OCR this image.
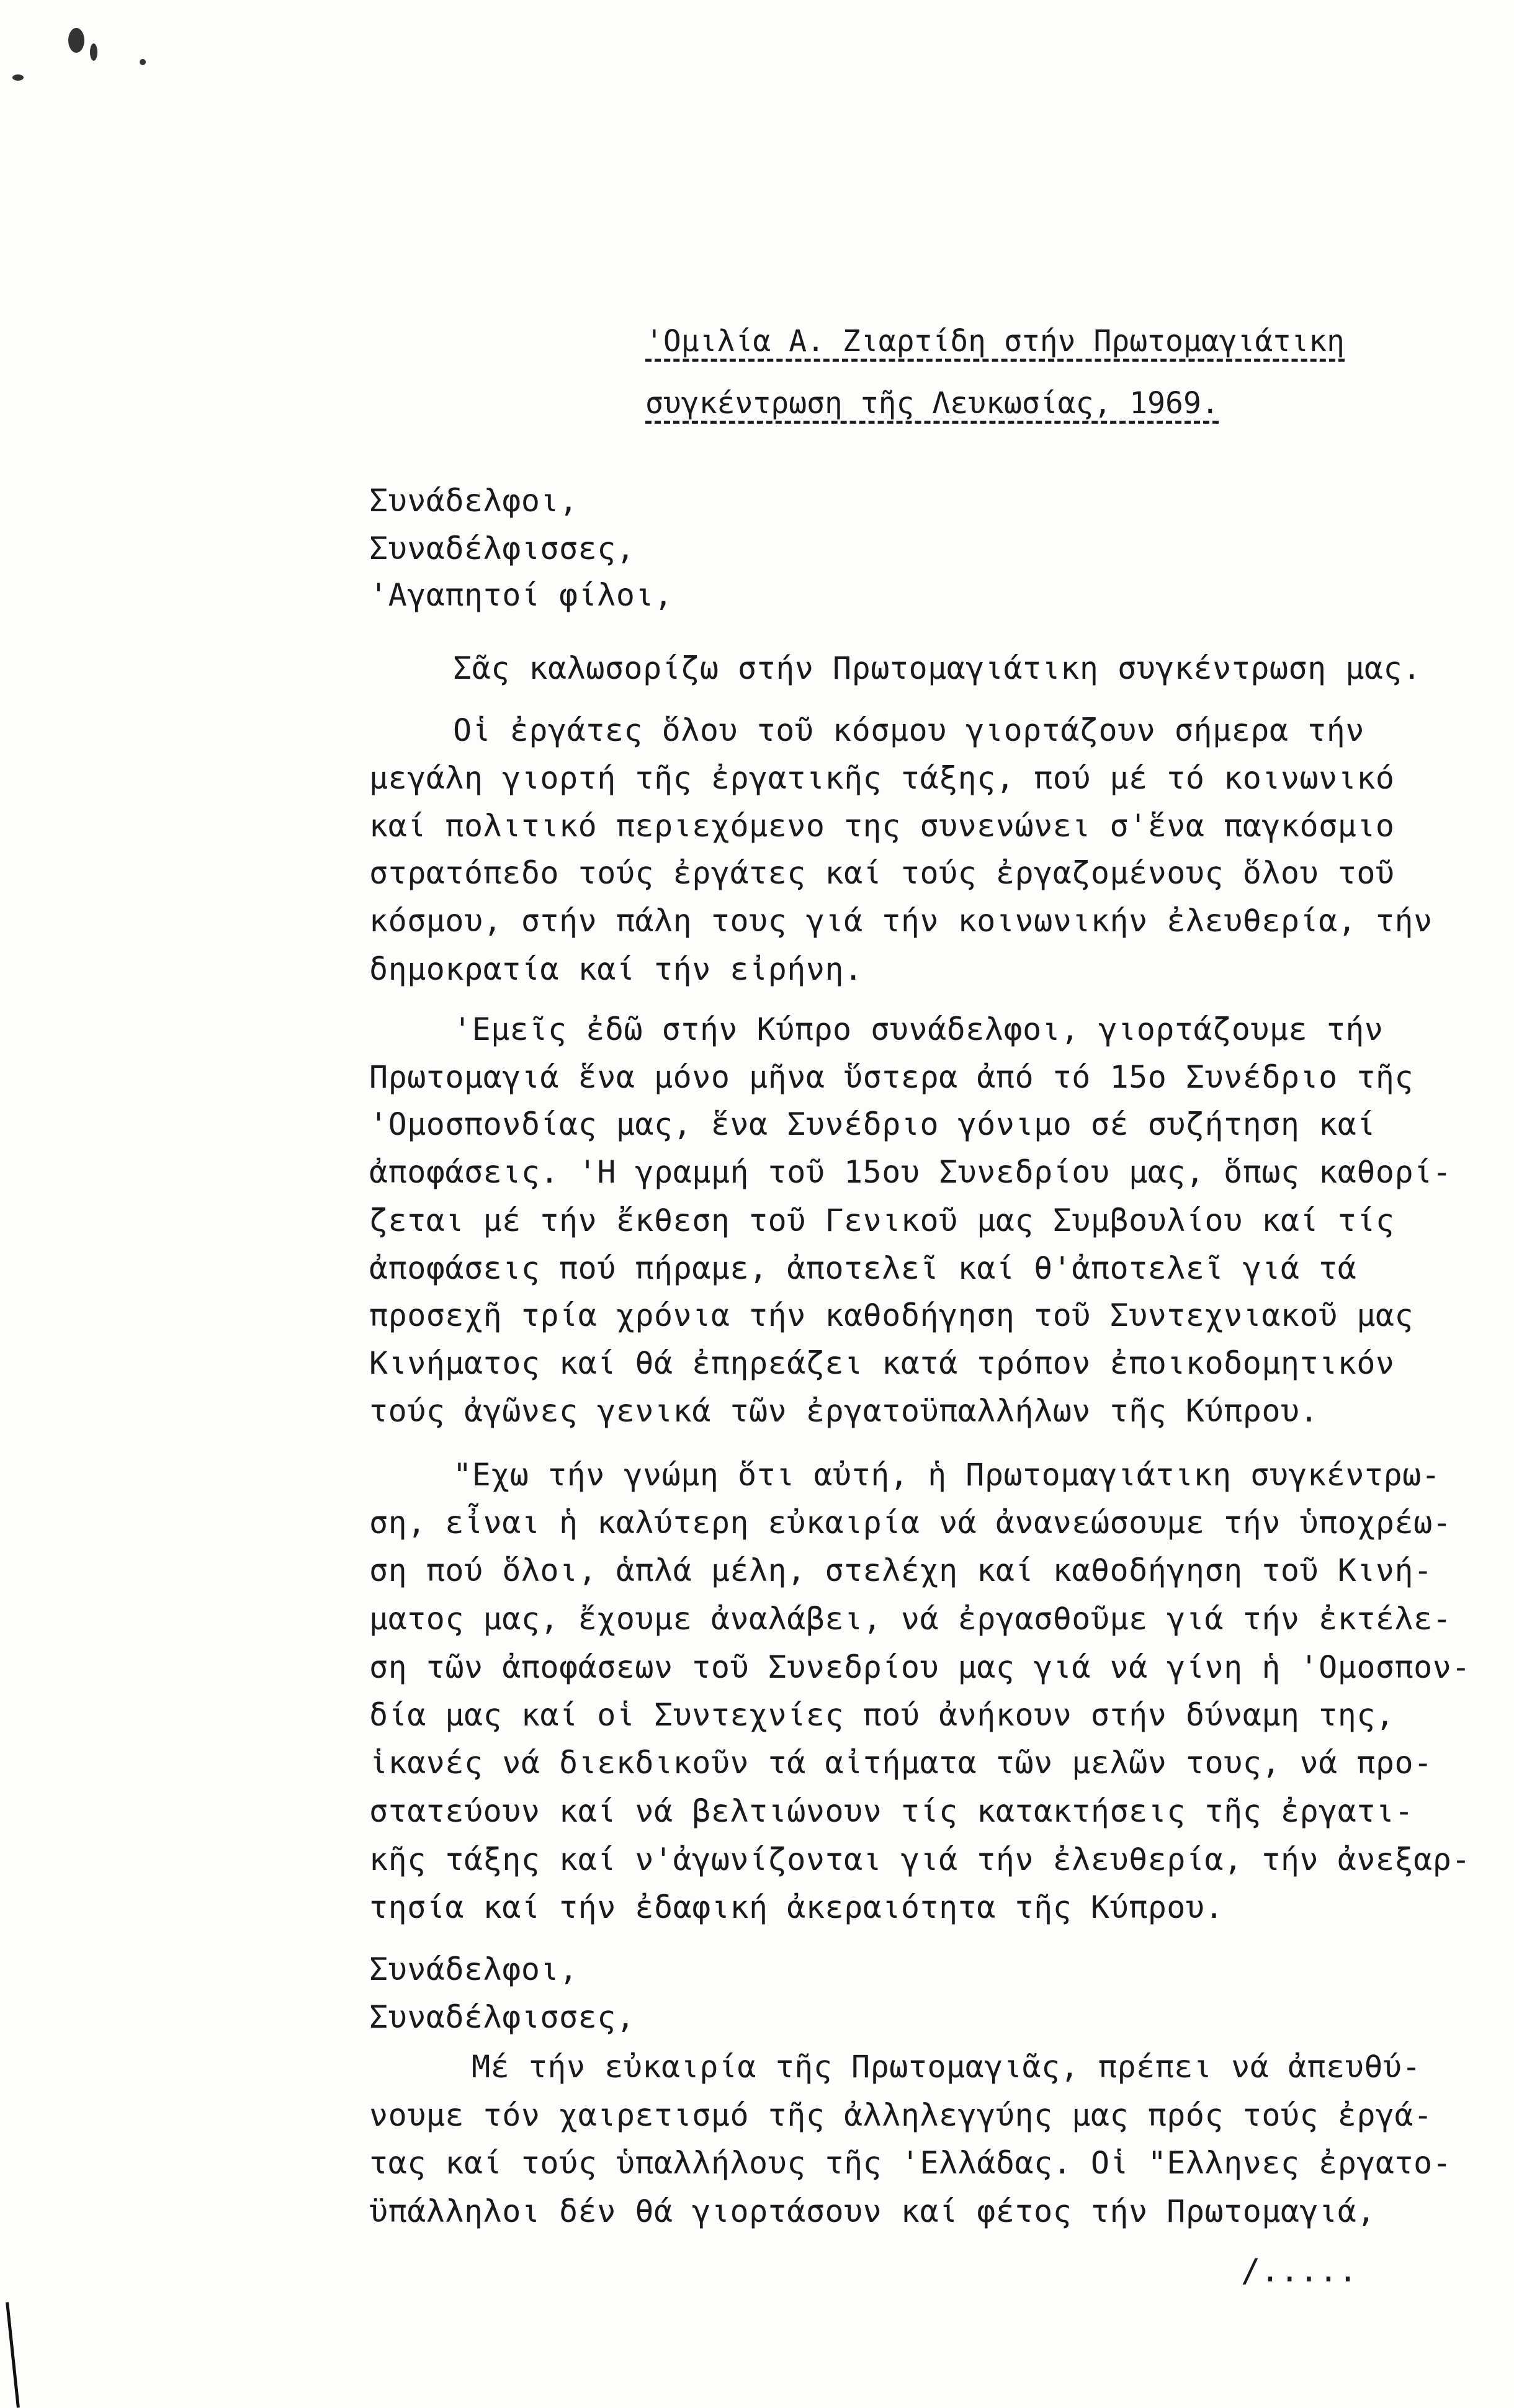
'Ομιλία Α. Ζιαρτίδη στήν Πρωτομαγιάτικη
συγκέντρωση τῆς Λευκωσίας, 1969.
Συνάδελφοι,
Συναδέλφισσες,
'Αγαπητοί φίλοι,
Σᾶς καλωσορίζω στήν Πρωτομαγιάτικη συγκέντρωση μας.
Οἱ ἐργάτες ὅλου τοῦ κόσμου γιορτάζουν σήμερα τήν
μεγάλη γιορτή τῆς ἐργατικῆς τάξης, πού μέ τό κοινωνικό
καί πολιτικό περιεχόμενο της συνενώνει σ'ἕνα παγκόσμιο
στρατόπεδο τούς ἐργάτες καί τούς ἐργαζομένους ὅλου τοῦ
κόσμου, στήν πάλη τους γιά τήν κοινωνικήν ἐλευθερία, τήν
δημοκρατία καί τήν εἰρήνη.
'Εμεῖς ἐδῶ στήν Κύπρο συνάδελφοι, γιορτάζουμε τήν
Πρωτομαγιά ἕνα μόνο μῆνα ὕστερα ἀπό τό 15ο Συνέδριο τῆς
'Ομοσπονδίας μας, ἕνα Συνέδριο γόνιμο σέ συζήτηση καί
ἀποφάσεις. 'Η γραμμή τοῦ 15ου Συνεδρίου μας, ὅπως καθορί-
ζεται μέ τήν ἔκθεση τοῦ Γενικοῦ μας Συμβουλίου καί τίς
ἀποφάσεις πού πήραμε, ἀποτελεῖ καί θ'ἀποτελεῖ γιά τά
προσεχῆ τρία χρόνια τήν καθοδήγηση τοῦ Συντεχνιακοῦ μας
Κινήματος καί θά ἐπηρεάζει κατά τρόπον ἐποικοδομητικόν
τούς ἀγῶνες γενικά τῶν ἐργατοϋπαλλήλων τῆς Κύπρου.
"Εχω τήν γνώμη ὅτι αὐτή, ἡ Πρωτομαγιάτικη συγκέντρω-
ση, εἶναι ἡ καλύτερη εὐκαιρία νά ἀνανεώσουμε τήν ὑποχρέω-
ση πού ὅλοι, ἁπλά μέλη, στελέχη καί καθοδήγηση τοῦ Κινή-
ματος μας, ἔχουμε ἀναλάβει, νά ἐργασθοῦμε γιά τήν ἐκτέλε-
ση τῶν ἀποφάσεων τοῦ Συνεδρίου μας γιά νά γίνη ἡ 'Ομοσπον-
δία μας καί οἱ Συντεχνίες πού ἀνήκουν στήν δύναμη της,
ἱκανές νά διεκδικοῦν τά αἰτήματα τῶν μελῶν τους, νά προ-
στατεύουν καί νά βελτιώνουν τίς κατακτήσεις τῆς ἐργατι-
κῆς τάξης καί ν'ἀγωνίζονται γιά τήν ἐλευθερία, τήν ἀνεξαρ-
τησία καί τήν ἐδαφική ἀκεραιότητα τῆς Κύπρου.
Συνάδελφοι,
Συναδέλφισσες,
Μέ τήν εὐκαιρία τῆς Πρωτομαγιᾶς, πρέπει νά ἀπευθύ-
νουμε τόν χαιρετισμό τῆς ἀλληλεγγύης μας πρός τούς ἐργά-
τας καί τούς ὑπαλλήλους τῆς 'Ελλάδας. Οἱ "Ελληνες ἐργατο-
ϋπάλληλοι δέν θά γιορτάσουν καί φέτος τήν Πρωτομαγιά,
/.....
